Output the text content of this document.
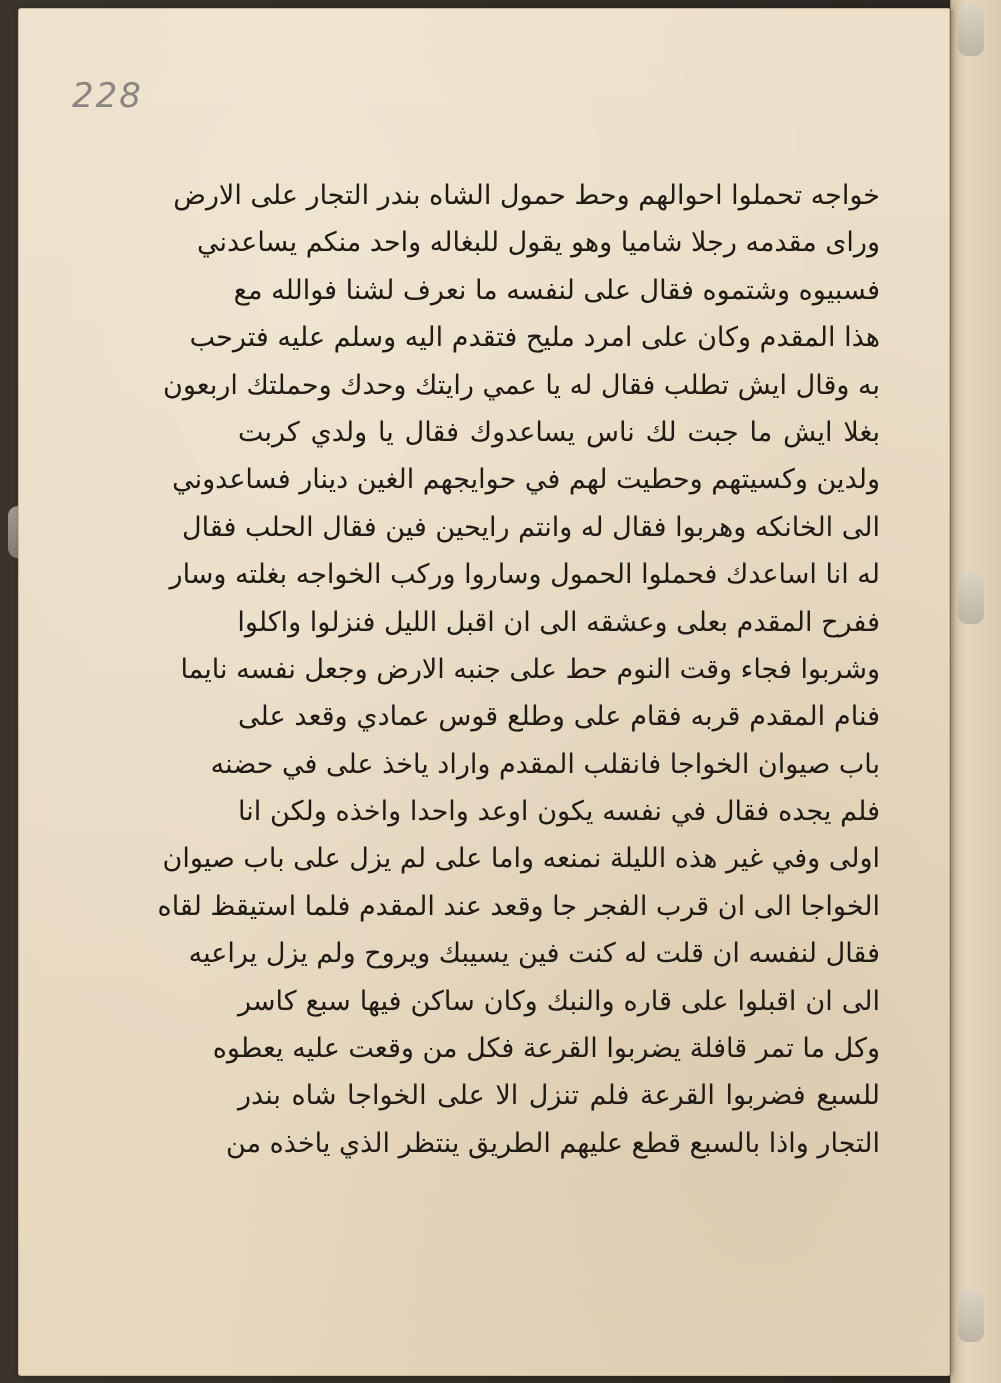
228
خواجه تحملوا احوالهم وحط حمول الشاه بندر التجار على الارض
وراى مقدمه رجلا شاميا وهو يقول للبغاله واحد منكم يساعدني
فسبيوه وشتموه فقال على لنفسه ما نعرف لشنا فوالله مع
هذا المقدم وكان على امرد مليح فتقدم اليه وسلم عليه فترحب
به وقال ايش تطلب فقال له يا عمي رايتك وحدك وحملتك اربعون
بغلا ايش ما جبت لك ناس يساعدوك فقال يا ولدي كربت
ولدين وكسيتهم وحطيت لهم في حوايجهم الغين دينار فساعدوني
الى الخانكه وهربوا فقال له وانتم رايحين فين فقال الحلب فقال
له انا اساعدك فحملوا الحمول وساروا وركب الخواجه بغلته وسار
ففرح المقدم بعلى وعشقه الى ان اقبل الليل فنزلوا واكلوا
وشربوا فجاء وقت النوم حط على جنبه الارض وجعل نفسه نايما
فنام المقدم قربه فقام على وطلع قوس عمادي وقعد على
باب صيوان الخواجا فانقلب المقدم واراد ياخذ على في حضنه
فلم يجده فقال في نفسه يكون اوعد واحدا واخذه ولكن انا
اولى وفي غير هذه الليلة نمنعه واما على لم يزل على باب صيوان
الخواجا الى ان قرب الفجر جا وقعد عند المقدم فلما استيقظ لقاه
فقال لنفسه ان قلت له كنت فين يسيبك ويروح ولم يزل يراعيه
الى ان اقبلوا على قاره والنبك وكان ساكن فيها سبع كاسر
وكل ما تمر قافلة يضربوا القرعة فكل من وقعت عليه يعطوه
للسبع فضربوا القرعة فلم تنزل الا على الخواجا شاه بندر
التجار واذا بالسبع قطع عليهم الطريق ينتظر الذي ياخذه من
